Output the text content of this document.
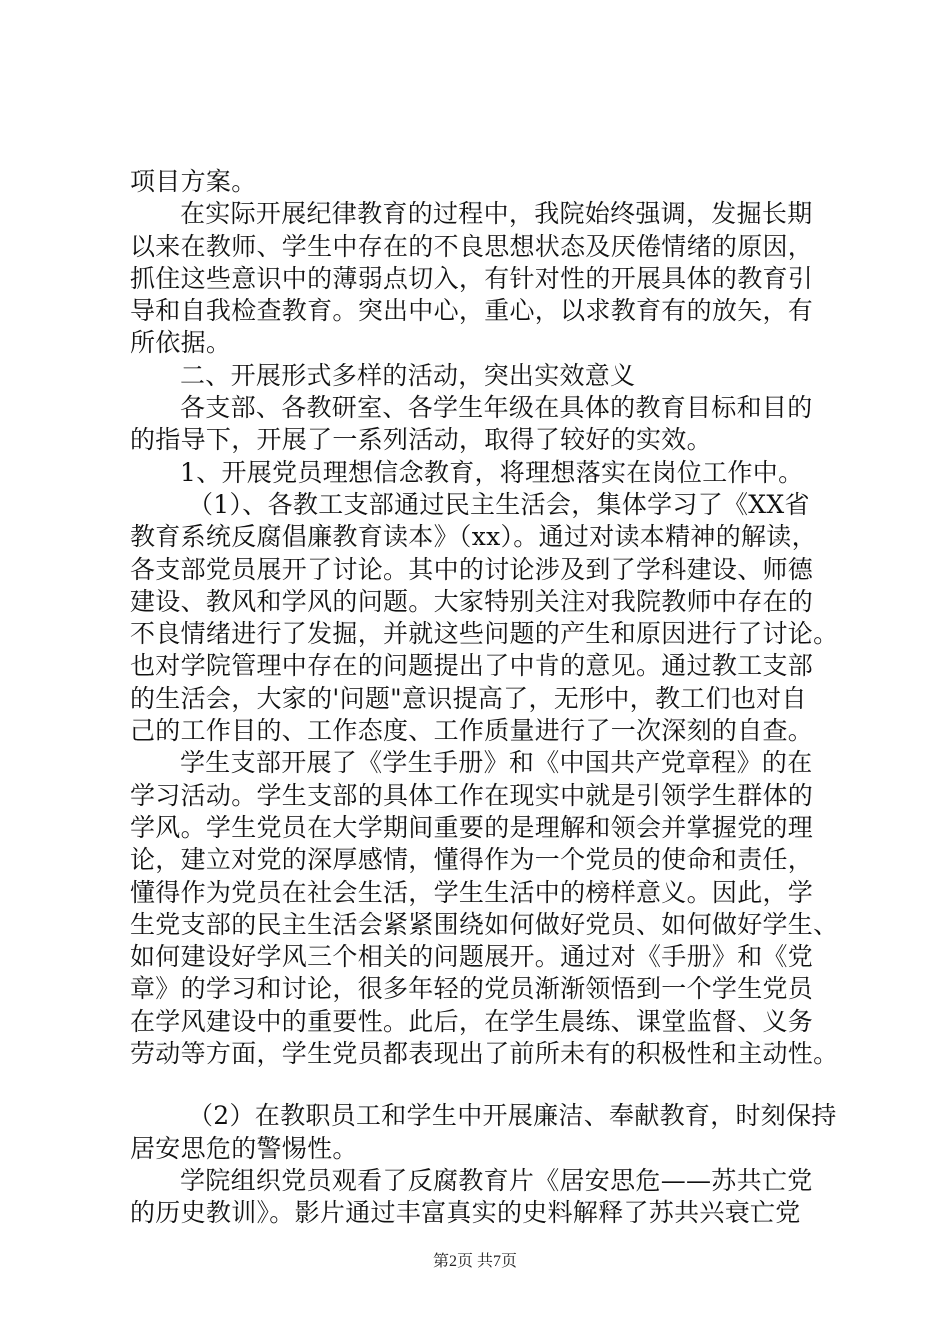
项目方案。
在实际开展纪律教育的过程中，我院始终强调，发掘长期
以来在教师、学生中存在的不良思想状态及厌倦情绪的原因，
抓住这些意识中的薄弱点切入，有针对性的开展具体的教育引
导和自我检查教育。突出中心，重心，以求教育有的放矢，有
所依据。
二、开展形式多样的活动，突出实效意义
各支部、各教研室、各学生年级在具体的教育目标和目的
的指导下，开展了一系列活动，取得了较好的实效。
1、开展党员理想信念教育，将理想落实在岗位工作中。
（1）、各教工支部通过民主生活会，集体学习了《XX省
教育系统反腐倡廉教育读本》（xx）。通过对读本精神的解读，
各支部党员展开了讨论。其中的讨论涉及到了学科建设、师德
建设、教风和学风的问题。大家特别关注对我院教师中存在的
不良情绪进行了发掘，并就这些问题的产生和原因进行了讨论。
也对学院管理中存在的问题提出了中肯的意见。通过教工支部
的生活会，大家的'问题"意识提高了，无形中，教工们也对自
己的工作目的、工作态度、工作质量进行了一次深刻的自查。
学生支部开展了《学生手册》和《中国共产党章程》的在
学习活动。学生支部的具体工作在现实中就是引领学生群体的
学风。学生党员在大学期间重要的是理解和领会并掌握党的理
论，建立对党的深厚感情，懂得作为一个党员的使命和责任，
懂得作为党员在社会生活，学生生活中的榜样意义。因此，学
生党支部的民主生活会紧紧围绕如何做好党员、如何做好学生、
如何建设好学风三个相关的问题展开。通过对《手册》和《党
章》的学习和讨论，很多年轻的党员渐渐领悟到一个学生党员
在学风建设中的重要性。此后，在学生晨练、课堂监督、义务
劳动等方面，学生党员都表现出了前所未有的积极性和主动性。
（2）在教职员工和学生中开展廉洁、奉献教育，时刻保持
居安思危的警惕性。
学院组织党员观看了反腐教育片《居安思危——苏共亡党
的历史教训》。影片通过丰富真实的史料解释了苏共兴衰亡党
第2页 共7页
